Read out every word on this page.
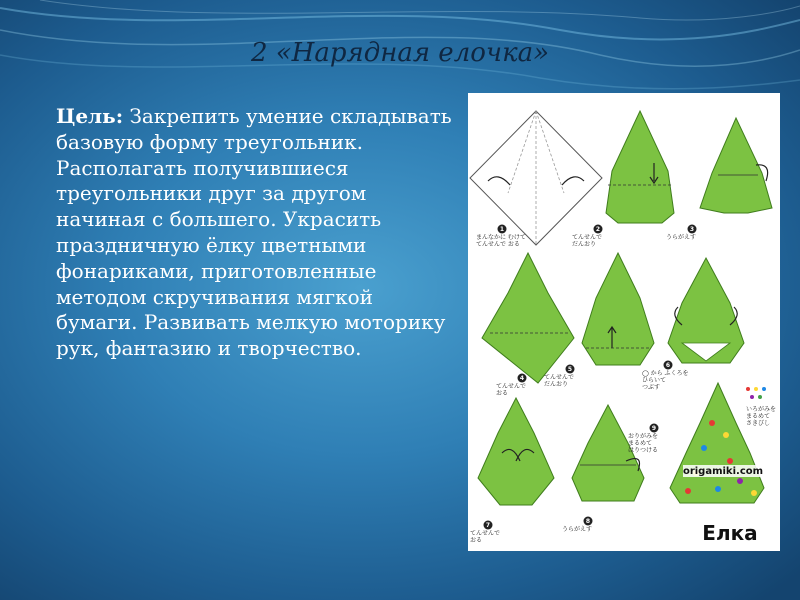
2 «Нарядная елочка»
Цель: Закрепить умение складывать базовую форму треугольник. Располагать получившиеся треугольники друг за другом начиная с большего. Украсить праздничную ёлку цветными фонариками, приготовленные методом скручивания мягкой бумаги. Развивать мелкую моторику рук, фантазию и творчество.
origamiki.com
いろがみを
まるめて
さきびし
Елка
1
まんなかに むけて
てんせんで おる
2
てんせんで
だんおり
3
うらがえす
4
てんせんで
おる
5
てんせんで
だんおり
6
◯ から ふくろを
ひらいて
つぶす
7
てんせんで
おる
8
うらがえす
9
おりがみを
まるめて
はりつける
